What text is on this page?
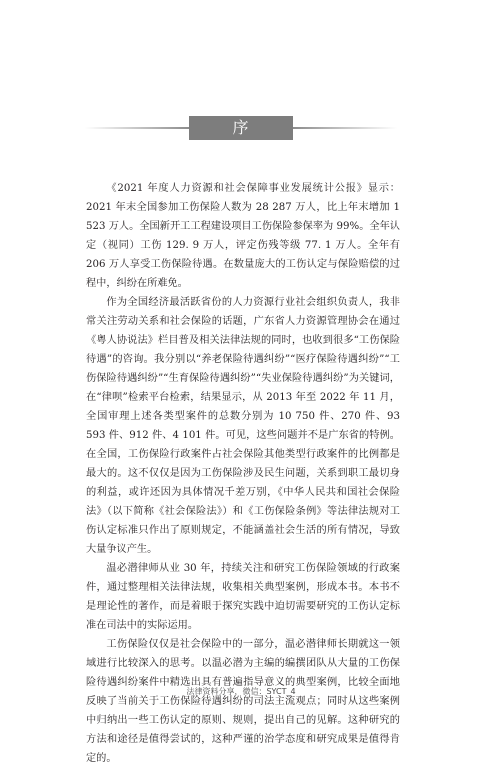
序

《2021 年度人力资源和社会保障事业发展统计公报》显示：2021 年末全国参加工伤保险人数为 28 287 万人，比上年末增加 1 523 万人。全国新开工工程建设项目工伤保险参保率为 99%。全年认定（视同）工伤 129. 9 万人，评定伤残等级 77. 1 万人。全年有 206 万人享受工伤保险待遇。在数量庞大的工伤认定与保险赔偿的过程中，纠纷在所难免。

作为全国经济最活跃省份的人力资源行业社会组织负责人，我非常关注劳动关系和社会保险的话题，广东省人力资源管理协会在通过《粤人协说法》栏目普及相关法律法规的同时，也收到很多“工伤保险待遇”的咨询。我分别以“养老保险待遇纠纷”“医疗保险待遇纠纷”“工伤保险待遇纠纷”“生育保险待遇纠纷”“失业保险待遇纠纷”为关键词，在“律呗”检索平台检索，结果显示，从 2013 年至 2022 年 11 月，全国审理上述各类型案件的总数分别为 10 750 件、270 件、93 593 件、912 件、4 101 件。可见，这些问题并不是广东省的特例。在全国，工伤保险行政案件占社会保险其他类型行政案件的比例都是最大的。这不仅仅是因为工伤保险涉及民生问题，关系到职工最切身的利益，或许还因为具体情况千差万别，《中华人民共和国社会保险法》（以下简称《社会保险法》）和《工伤保险条例》等法律法规对工伤认定标准只作出了原则规定，不能涵盖社会生活的所有情况，导致大量争议产生。

温必潜律师从业 30 年，持续关注和研究工伤保险领域的行政案件，通过整理相关法律法规，收集相关典型案例，形成本书。本书不是理论性的著作，而是着眼于探究实践中迫切需要研究的工伤认定标准在司法中的实际运用。

工伤保险仅仅是社会保险中的一部分，温必潜律师长期就这一领域进行比较深入的思考。以温必潜为主编的编撰团队从大量的工伤保险待遇纠纷案件中精选出具有普遍指导意义的典型案例，比较全面地反映了当前关于工伤保险待遇纠纷的司法主流观点；同时从这些案例中归纳出一些工伤认定的原则、规则，提出自己的见解。这种研究的方法和途径是值得尝试的，这种严谨的治学态度和研究成果是值得肯定的。

法律资料分享，微信：SYCT_4
